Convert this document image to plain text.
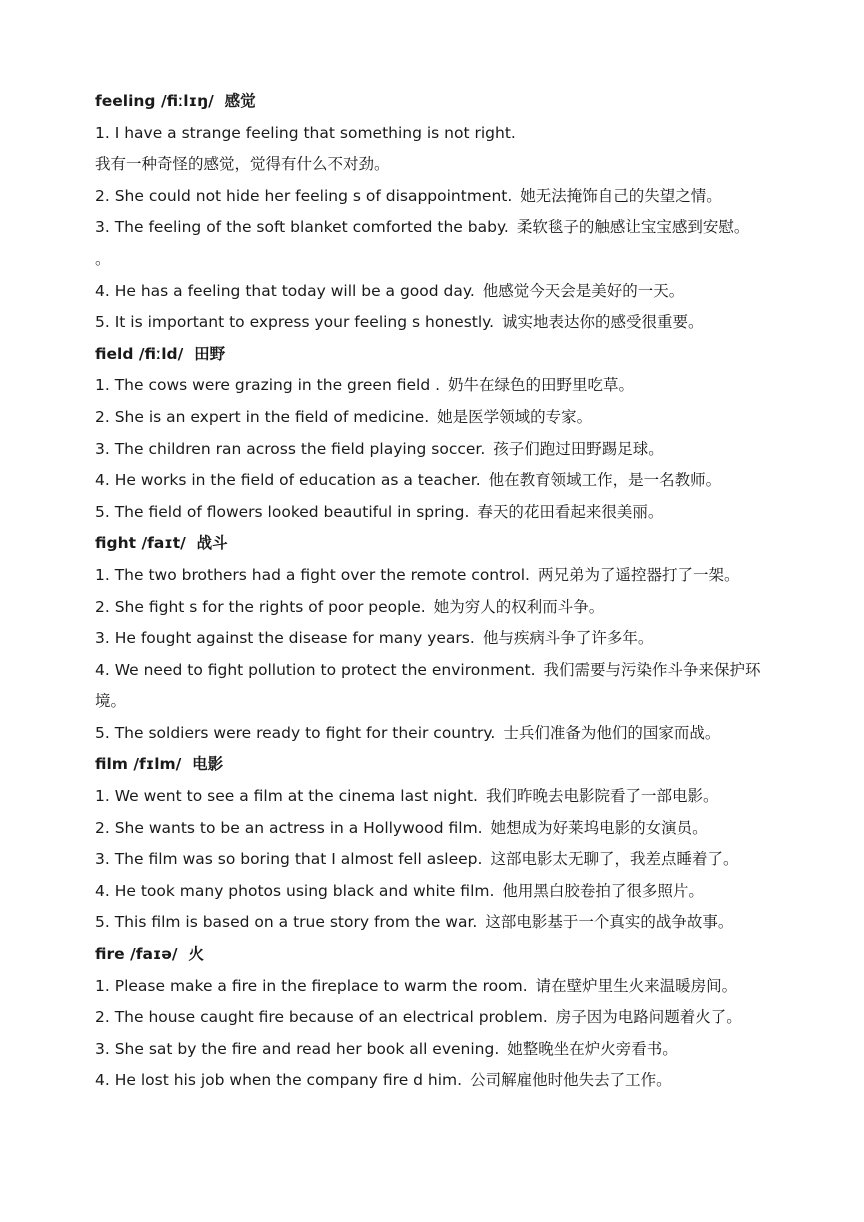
feeling /fiːlɪŋ/ 感觉
1. I have a strange feeling that something is not right.
我有一种奇怪的感觉，觉得有什么不对劲。
2. She could not hide her feeling s of disappointment. 她无法掩饰自己的失望之情。
3. The feeling of the soft blanket comforted the baby. 柔软毯子的触感让宝宝感到安慰。
。
4. He has a feeling that today will be a good day. 他感觉今天会是美好的一天。
5. It is important to express your feeling s honestly. 诚实地表达你的感受很重要。
field /fiːld/ 田野
1. The cows were grazing in the green field . 奶牛在绿色的田野里吃草。
2. She is an expert in the field of medicine. 她是医学领域的专家。
3. The children ran across the field playing soccer. 孩子们跑过田野踢足球。
4. He works in the field of education as a teacher. 他在教育领域工作，是一名教师。
5. The field of flowers looked beautiful in spring. 春天的花田看起来很美丽。
fight /faɪt/ 战斗
1. The two brothers had a fight over the remote control. 两兄弟为了遥控器打了一架。
2. She fight s for the rights of poor people. 她为穷人的权利而斗争。
3. He fought against the disease for many years. 他与疾病斗争了许多年。
4. We need to fight pollution to protect the environment. 我们需要与污染作斗争来保护环境。
5. The soldiers were ready to fight for their country. 士兵们准备为他们的国家而战。
film /fɪlm/ 电影
1. We went to see a film at the cinema last night. 我们昨晚去电影院看了一部电影。
2. She wants to be an actress in a Hollywood film. 她想成为好莱坞电影的女演员。
3. The film was so boring that I almost fell asleep. 这部电影太无聊了，我差点睡着了。
4. He took many photos using black and white film. 他用黑白胶卷拍了很多照片。
5. This film is based on a true story from the war. 这部电影基于一个真实的战争故事。
fire /faɪə/ 火
1. Please make a fire in the fireplace to warm the room. 请在壁炉里生火来温暖房间。
2. The house caught fire because of an electrical problem. 房子因为电路问题着火了。
3. She sat by the fire and read her book all evening. 她整晚坐在炉火旁看书。
4. He lost his job when the company fire d him. 公司解雇他时他失去了工作。
